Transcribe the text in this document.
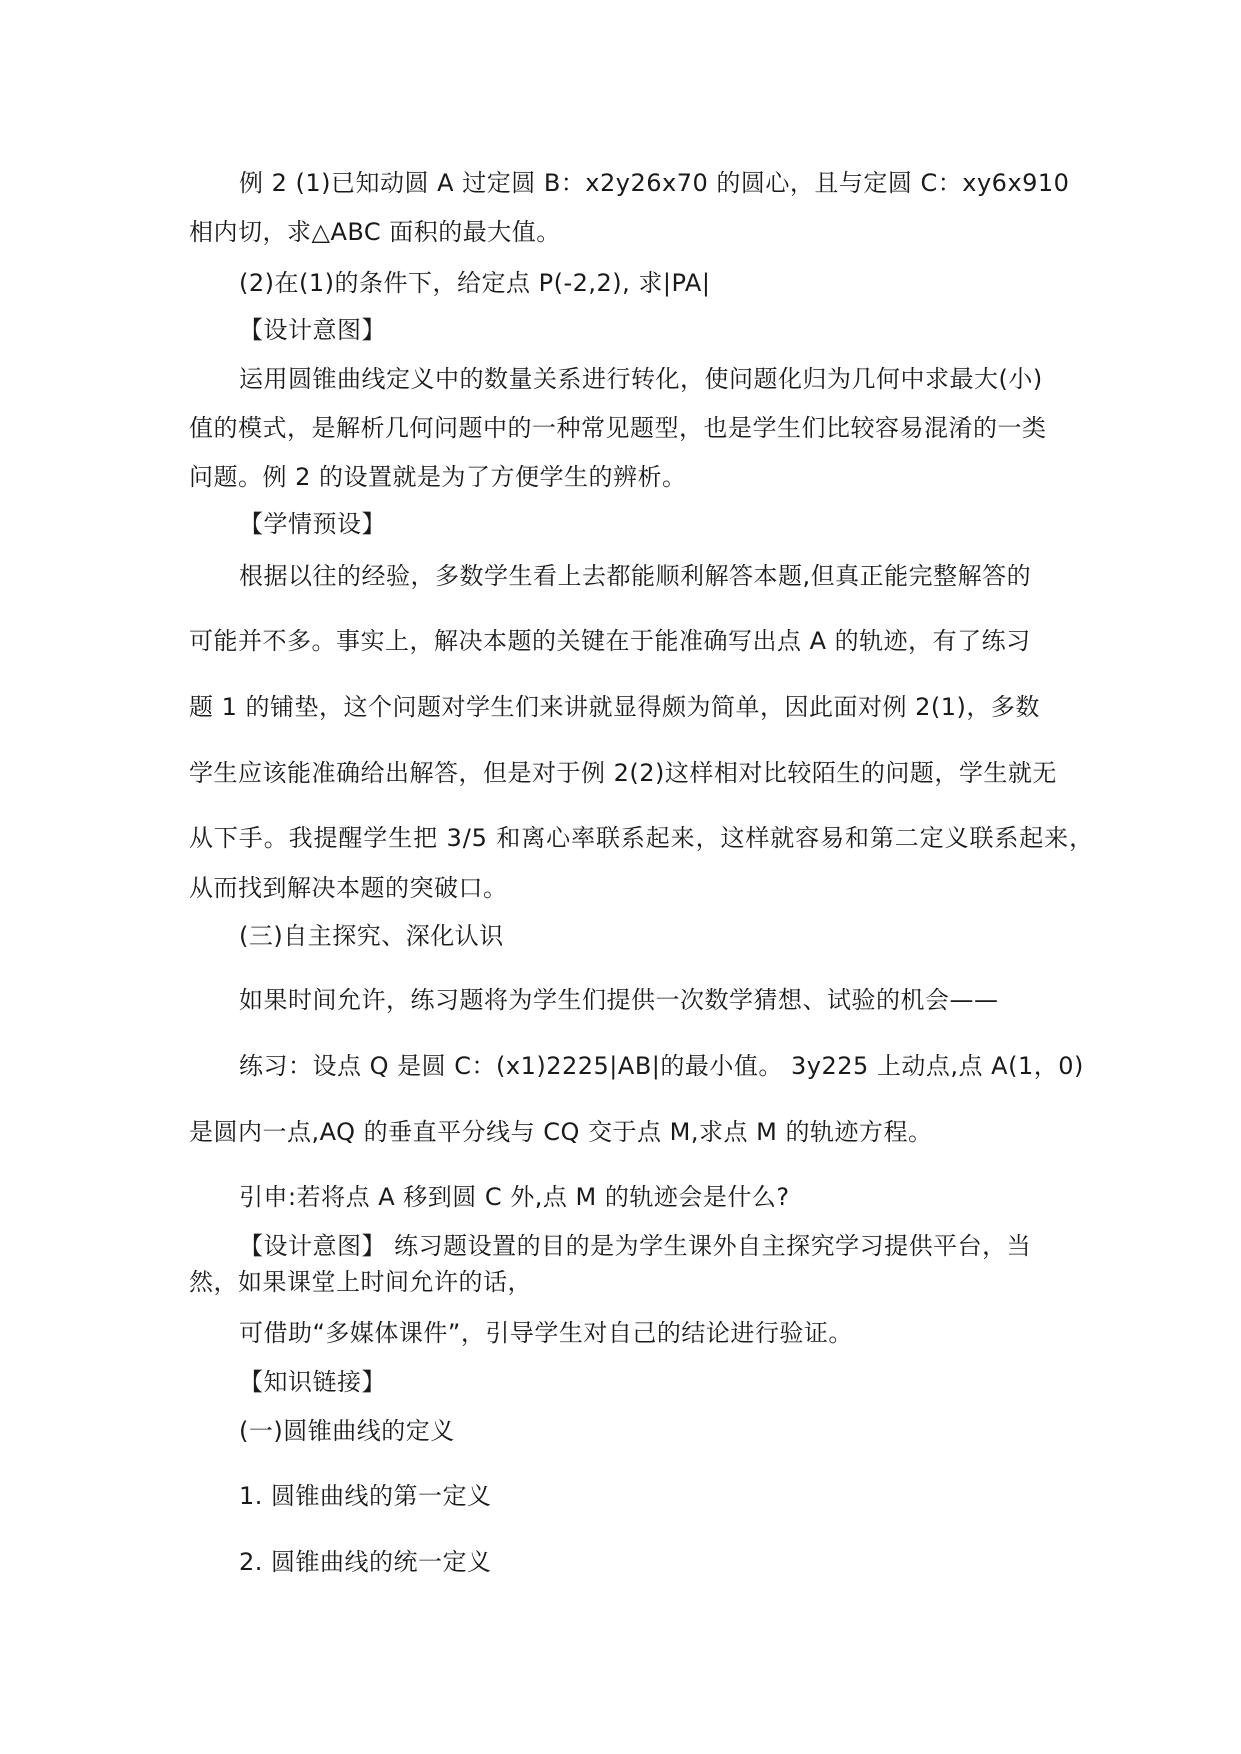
例 2 (1)已知动圆 A 过定圆 B：x2y26x70 的圆心，且与定圆 C：xy6x910
相内切，求△ABC 面积的最大值。
(2)在(1)的条件下，给定点 P(-2,2), 求|PA|
【设计意图】
运用圆锥曲线定义中的数量关系进行转化，使问题化归为几何中求最大(小)
值的模式，是解析几何问题中的一种常见题型，也是学生们比较容易混淆的一类
问题。例 2 的设置就是为了方便学生的辨析。
【学情预设】
根据以往的经验，多数学生看上去都能顺利解答本题,但真正能完整解答的
可能并不多。事实上，解决本题的关键在于能准确写出点 A 的轨迹，有了练习
题 1 的铺垫，这个问题对学生们来讲就显得颇为简单，因此面对例 2(1)，多数
学生应该能准确给出解答，但是对于例 2(2)这样相对比较陌生的问题，学生就无
从下手。我提醒学生把 3/5 和离心率联系起来，这样就容易和第二定义联系起来，
从而找到解决本题的突破口。
(三)自主探究、深化认识
如果时间允许，练习题将为学生们提供一次数学猜想、试验的机会——
练习：设点 Q 是圆 C：(x1)2225|AB|的最小值。 3y225 上动点,点 A(1，0)
是圆内一点,AQ 的垂直平分线与 CQ 交于点 M,求点 M 的轨迹方程。
引申:若将点 A 移到圆 C 外,点 M 的轨迹会是什么?
【设计意图】 练习题设置的目的是为学生课外自主探究学习提供平台，当
然，如果课堂上时间允许的话，
可借助“多媒体课件”，引导学生对自己的结论进行验证。
【知识链接】
(一)圆锥曲线的定义
1. 圆锥曲线的第一定义
2. 圆锥曲线的统一定义
